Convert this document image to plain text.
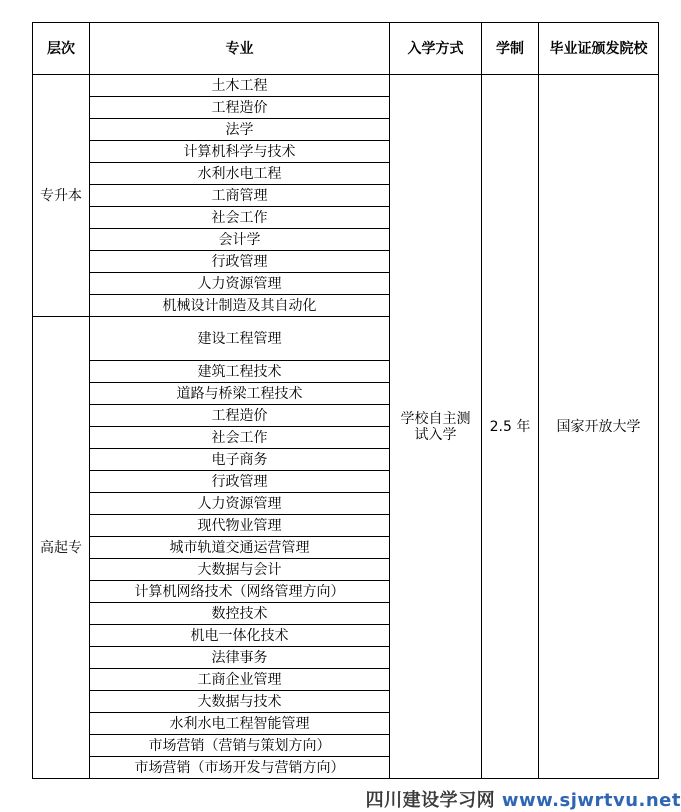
层次	专业	入学方式	学制	毕业证颁发院校
专升本	土木工程	学校自主测试入学	2.5 年	国家开放大学
	工程造价			
	法学			
	计算机科学与技术			
	水利水电工程			
	工商管理			
	社会工作			
	会计学			
	行政管理			
	人力资源管理			
	机械设计制造及其自动化			
高起专	建设工程管理			
	建筑工程技术			
	道路与桥梁工程技术			
	工程造价			
	社会工作			
	电子商务			
	行政管理			
	人力资源管理			
	现代物业管理			
	城市轨道交通运营管理			
	大数据与会计			
	计算机网络技术（网络管理方向）			
	数控技术			
	机电一体化技术			
	法律事务			
	工商企业管理			
	大数据与技术			
	水利水电工程智能管理			
	市场营销（营销与策划方向）			
	市场营销（市场开发与营销方向）			
四川建设学习网 www.sjwrtvu.net
